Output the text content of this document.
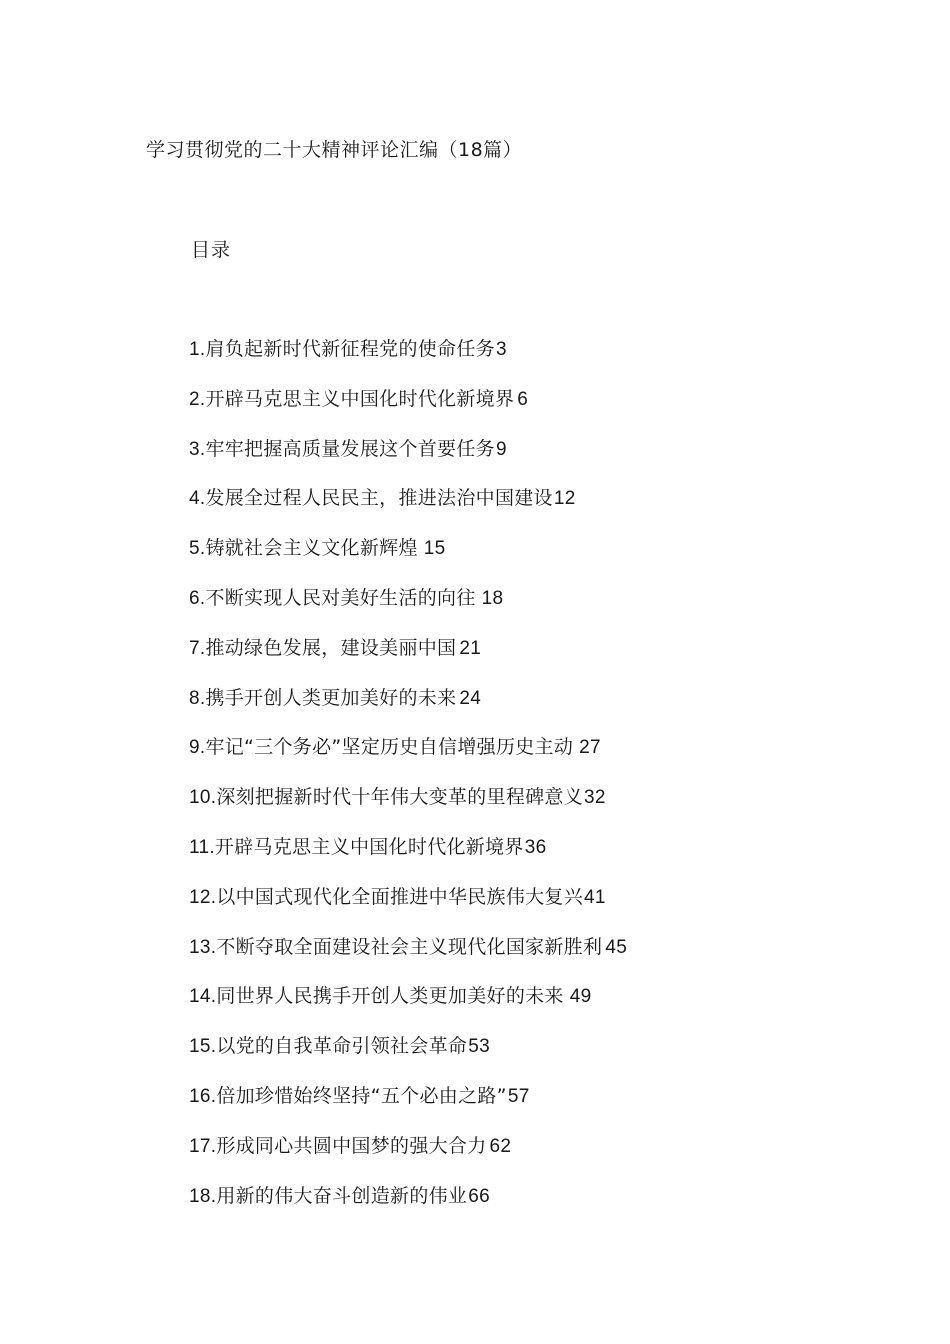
学习贯彻党的二十大精神评论汇编（18篇）
目录
1.肩负起新时代新征程党的使命任务3
2.开辟马克思主义中国化时代化新境界 6
3.牢牢把握高质量发展这个首要任务9
4.发展全过程人民民主，推进法治中国建设12
5.铸就社会主义文化新辉煌 15
6.不断实现人民对美好生活的向往 18
7.推动绿色发展，建设美丽中国 21
8.携手开创人类更加美好的未来 24
9.牢记“三个务必”坚定历史自信增强历史主动 27
10.深刻把握新时代十年伟大变革的里程碑意义32
11.开辟马克思主义中国化时代化新境界36
12.以中国式现代化全面推进中华民族伟大复兴41
13.不断夺取全面建设社会主义现代化国家新胜利 45
14.同世界人民携手开创人类更加美好的未来 49
15.以党的自我革命引领社会革命53
16.倍加珍惜始终坚持“五个必由之路”57
17.形成同心共圆中国梦的强大合力 62
18.用新的伟大奋斗创造新的伟业66
